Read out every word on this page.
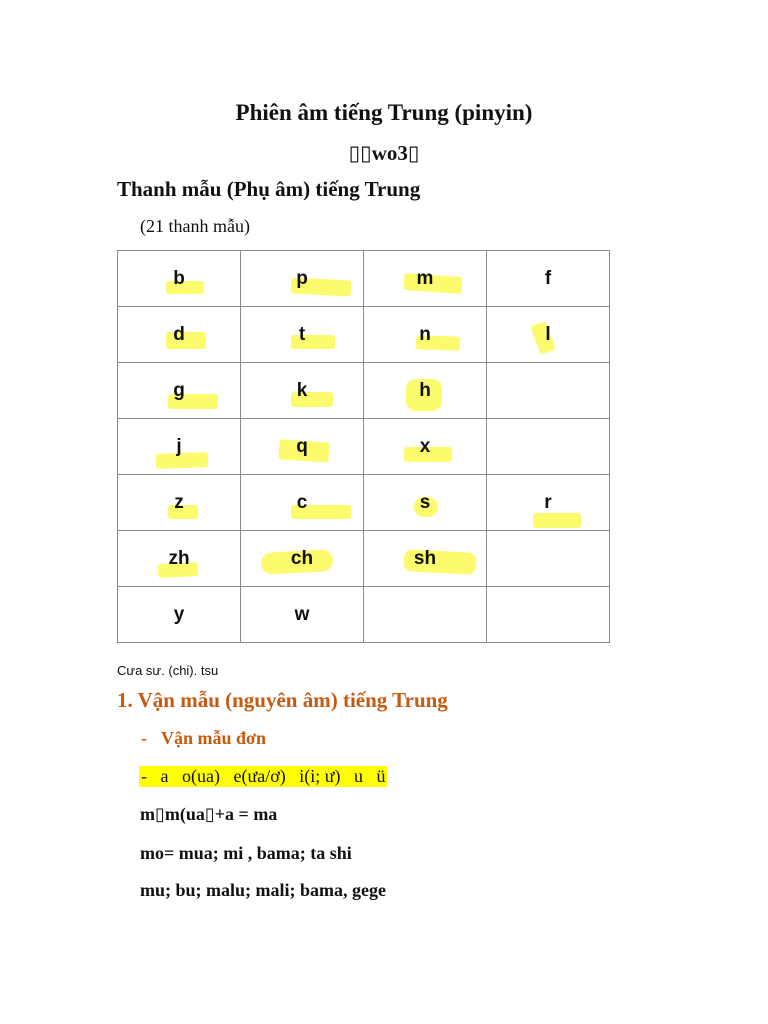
Phiên âm tiếng Trung (pinyin)
▯▯wo3▯
Thanh mẫu (Phụ âm) tiếng Trung
(21 thanh mẫu)
b	p	m	f

d	t	n	l

g	k	h	

j	q	x	

z	c	s	r

zh	ch	sh	
y	w		
Cưa sư. (chi). tsu
1. Vận mẫu (nguyên âm) tiếng Trung
- Vận mẫu đơn
-   a   o(ua)   e(ưa/ơ)   i(i; ư)   u   ü
m▯m(ua▯+a = ma
mo= mua; mi , bama; ta shi
mu; bu; malu; mali; bama, gege
